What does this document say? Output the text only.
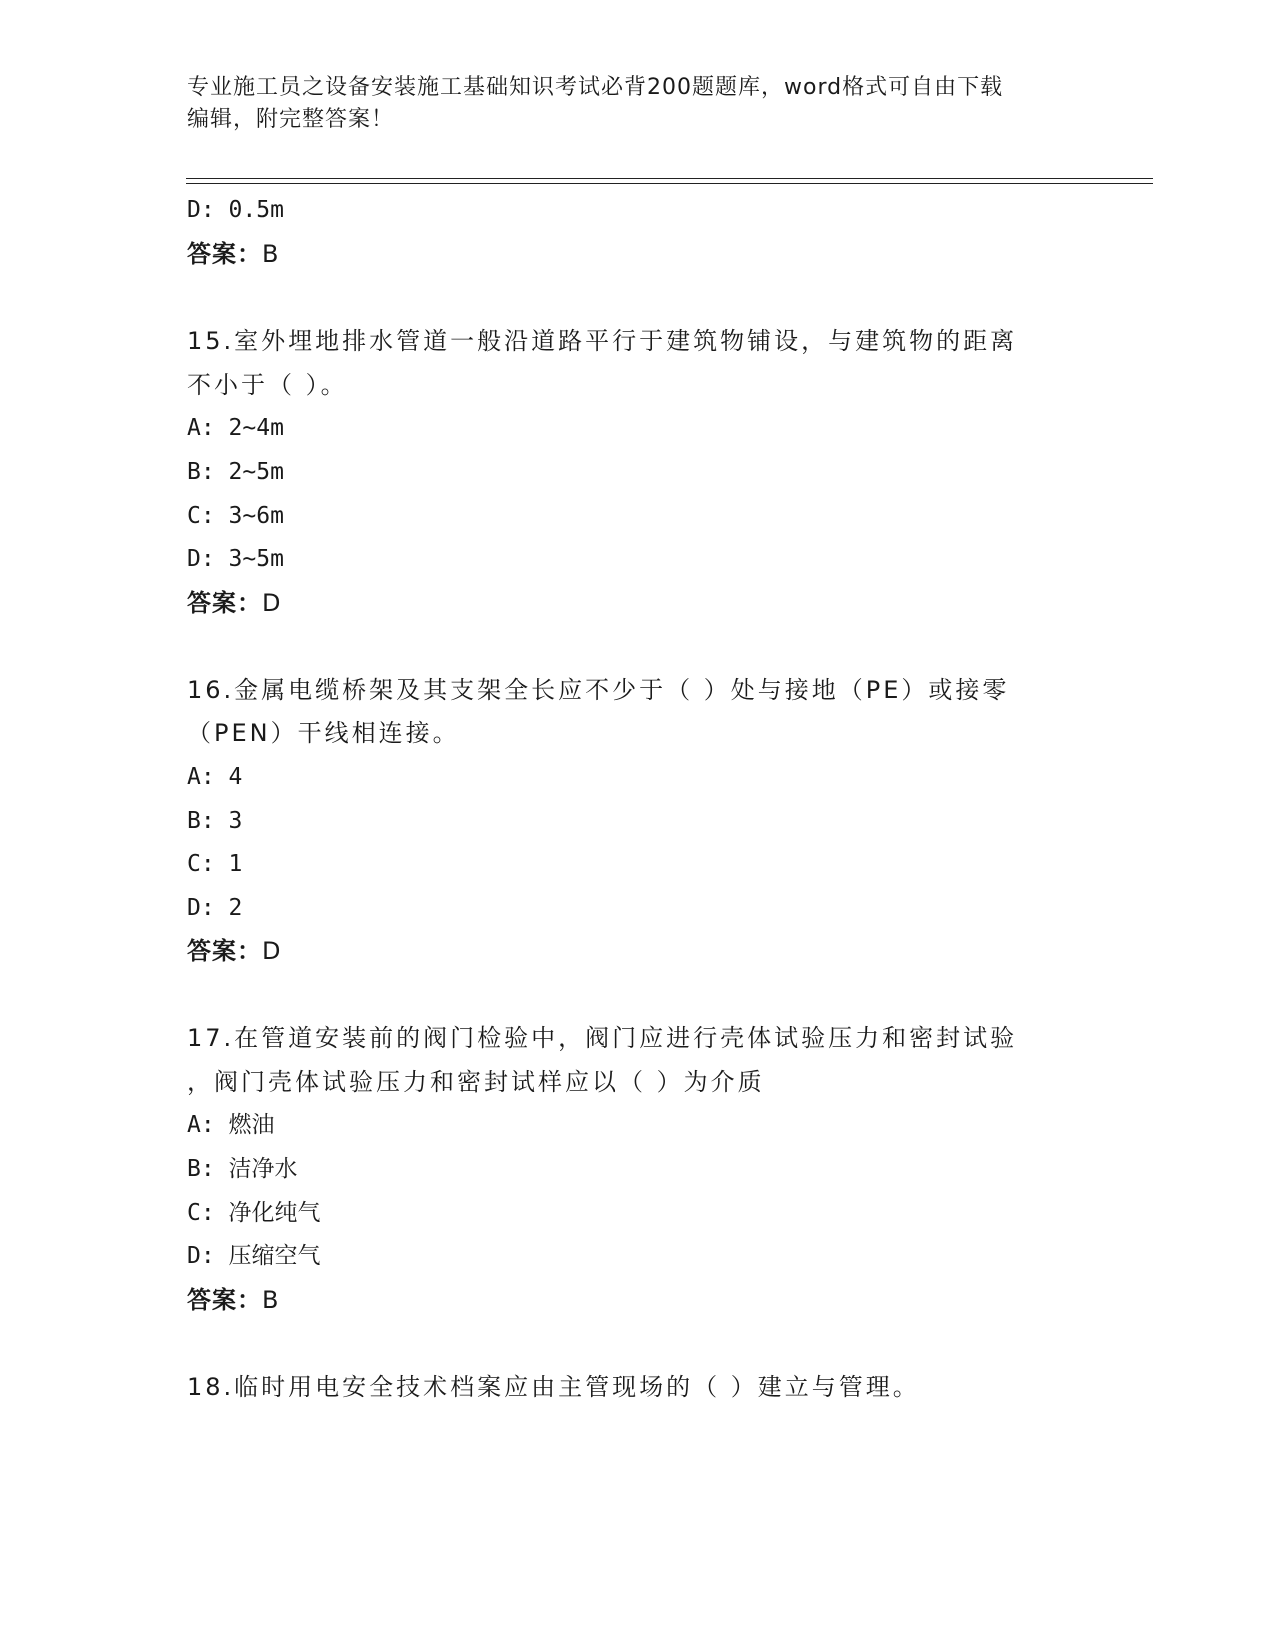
专业施工员之设备安装施工基础知识考试必背200题题库，word格式可自由下载
编辑，附完整答案！
D: 0.5m
答案：B
15.室外埋地排水管道一般沿道路平行于建筑物铺设，与建筑物的距离
不小于（ ）。
A: 2~4m
B: 2~5m
C: 3~6m
D: 3~5m
答案：D
16.金属电缆桥架及其支架全长应不少于（ ）处与接地（PE）或接零
（PEN）干线相连接。
A: 4
B: 3
C: 1
D: 2
答案：D
17.在管道安装前的阀门检验中，阀门应进行壳体试验压力和密封试验
，阀门壳体试验压力和密封试样应以（ ）为介质
A: 燃油
B: 洁净水
C: 净化纯气
D: 压缩空气
答案：B
18.临时用电安全技术档案应由主管现场的（ ）建立与管理。
